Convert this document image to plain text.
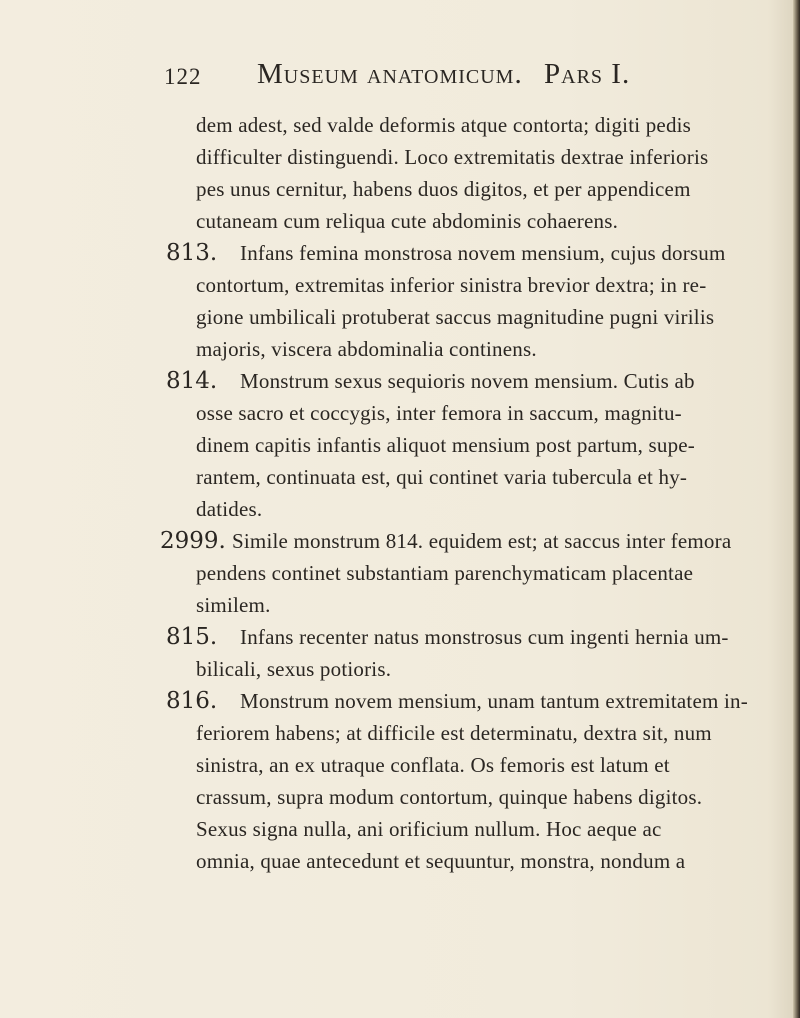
122 Museum anatomicum. Pars I.
dem adest, sed valde deformis atque contorta; digiti pedis
difficulter distinguendi. Loco extremitatis dextrae inferioris
pes unus cernitur, habens duos digitos, et per appendicem
cutaneam cum reliqua cute abdominis cohaerens.
813. Infans femina monstrosa novem mensium, cujus dorsum
contortum, extremitas inferior sinistra brevior dextra; in re-
gione umbilicali protuberat saccus magnitudine pugni virilis
majoris, viscera abdominalia continens.
814. Monstrum sexus sequioris novem mensium. Cutis ab
osse sacro et coccygis, inter femora in saccum, magnitu-
dinem capitis infantis aliquot mensium post partum, supe-
rantem, continuata est, qui continet varia tubercula et hy-
datides.
2999. Simile monstrum 814. equidem est; at saccus inter femora
pendens continet substantiam parenchymaticam placentae
similem.
815. Infans recenter natus monstrosus cum ingenti hernia um-
bilicali, sexus potioris.
816. Monstrum novem mensium, unam tantum extremitatem in-
feriorem habens; at difficile est determinatu, dextra sit, num
sinistra, an ex utraque conflata. Os femoris est latum et
crassum, supra modum contortum, quinque habens digitos.
Sexus signa nulla, ani orificium nullum. Hoc aeque ac
omnia, quae antecedunt et sequuntur, monstra, nondum a
